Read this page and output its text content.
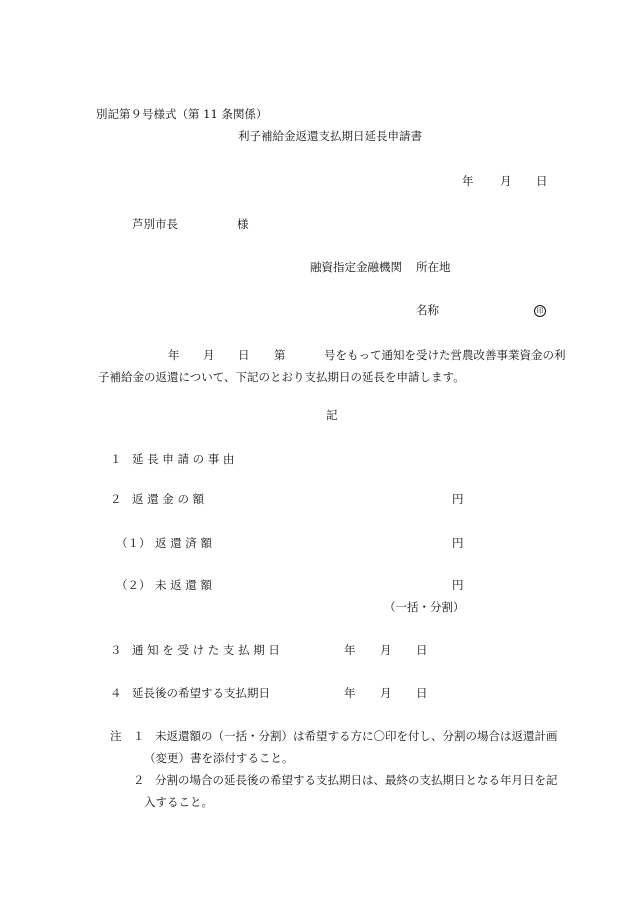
別記第９号様式（第 11 条関係）
利子補給金返還支払期日延長申請書
年 月 日
芦別市長	様
融資指定金融機関 所在地
名称	印
年 月 日 第	号をもって通知を受けた営農改善事業資金の利
子補給金の返還について、下記のとおり支払期日の延長を申請します。
記
１ 延 長 申 請 の 事 由
２ 返 還 金 の 額	円
（１） 返 還 済 額	円
（２） 未 返 還 額	円
（一括・分割）
３ 通 知 を 受 け た 支 払 期 日	年 月 日
４ 延長後の希望する支払期日	年 月 日
注 １ 未返還額の（一括・分割）は希望する方に〇印を付し、分割の場合は返還計画
（変更）書を添付すること。
２ 分割の場合の延長後の希望する支払期日は、最終の支払期日となる年月日を記
入すること。
